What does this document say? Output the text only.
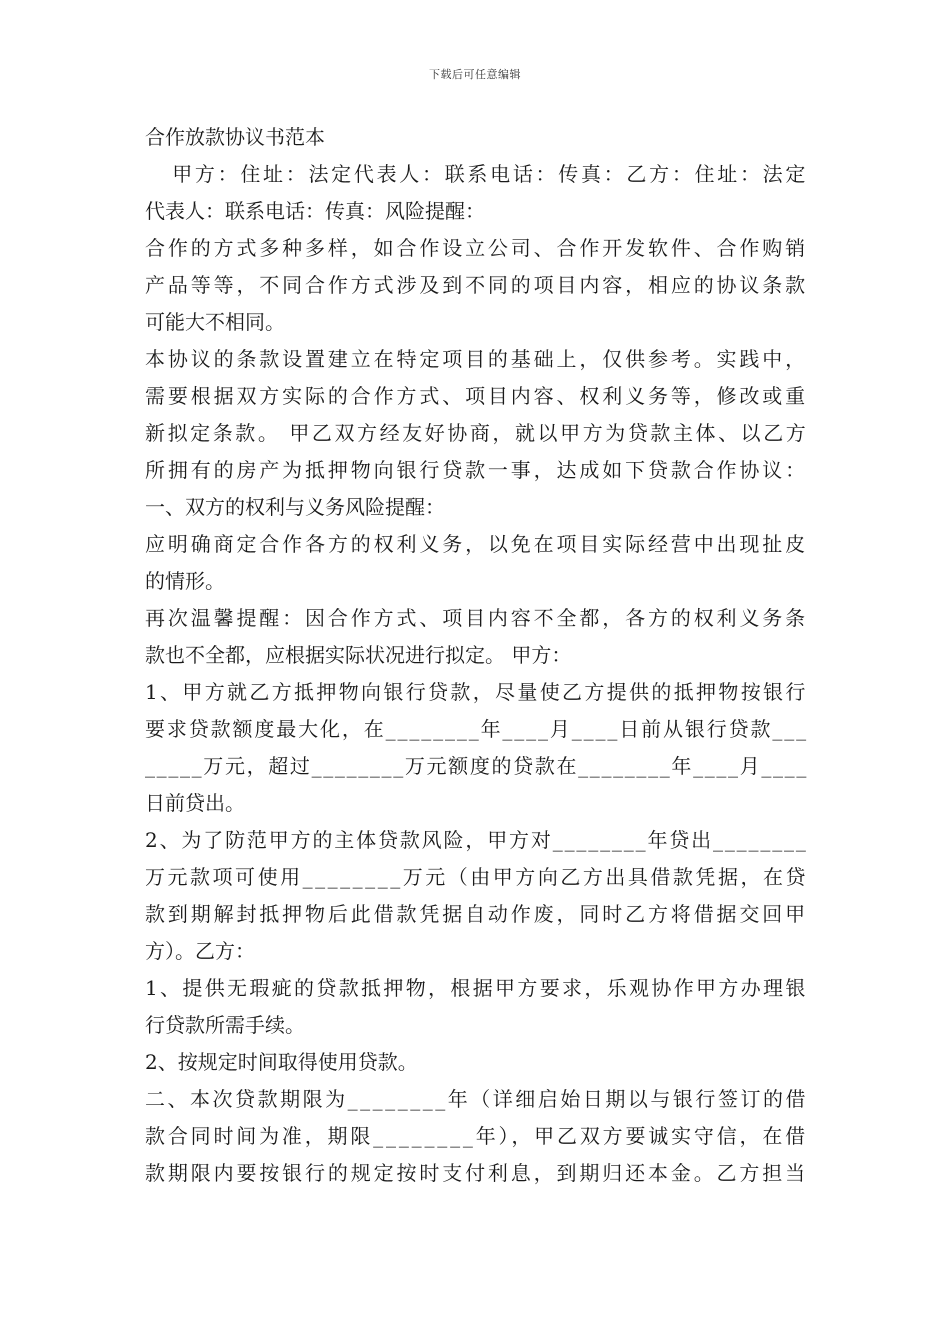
下载后可任意编辑
合作放款协议书范本
甲方：住址：法定代表人：联系电话：传真：乙方：住址：法定
代表人：联系电话：传真：风险提醒：
合作的方式多种多样，如合作设立公司、合作开发软件、合作购销
产品等等，不同合作方式涉及到不同的项目内容，相应的协议条款
可能大不相同。
本协议的条款设置建立在特定项目的基础上，仅供参考。实践中，
需要根据双方实际的合作方式、项目内容、权利义务等，修改或重
新拟定条款。 甲乙双方经友好协商，就以甲方为贷款主体、以乙方
所拥有的房产为抵押物向银行贷款一事，达成如下贷款合作协议：
一、双方的权利与义务风险提醒：
应明确商定合作各方的权利义务，以免在项目实际经营中出现扯皮
的情形。
再次温馨提醒：因合作方式、项目内容不全都，各方的权利义务条
款也不全都，应根据实际状况进行拟定。 甲方：
1、甲方就乙方抵押物向银行贷款，尽量使乙方提供的抵押物按银行
要求贷款额度最大化，在________年____月____日前从银行贷款___
_____万元，超过________万元额度的贷款在________年____月____
日前贷出。
2、为了防范甲方的主体贷款风险，甲方对________年贷出________
万元款项可使用________万元（由甲方向乙方出具借款凭据，在贷
款到期解封抵押物后此借款凭据自动作废，同时乙方将借据交回甲
方）。乙方：
1、提供无瑕疵的贷款抵押物，根据甲方要求，乐观协作甲方办理银
行贷款所需手续。
2、按规定时间取得使用贷款。
二、本次贷款期限为________年（详细启始日期以与银行签订的借
款合同时间为准，期限________年），甲乙双方要诚实守信，在借
款期限内要按银行的规定按时支付利息，到期归还本金。乙方担当
